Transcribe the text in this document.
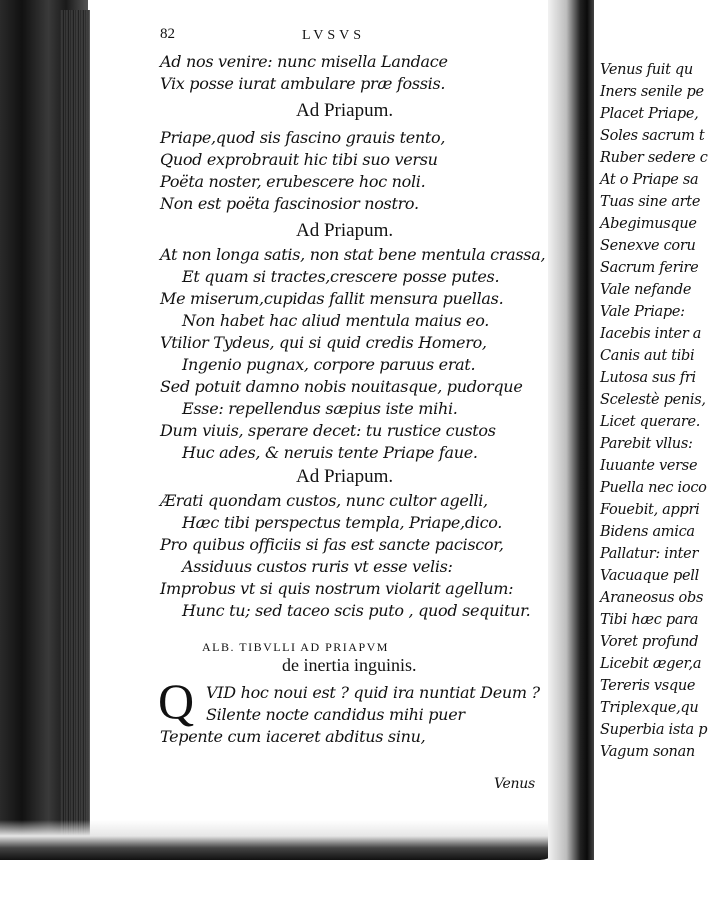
82	LVSVS
Ad nos venire: nunc misella Landace
Vix posse iurat ambulare præ fossis.
Ad Priapum.
Priape,quod sis fascino grauis tento,
Quod exprobrauit hic tibi suo versu
Poëta noster, erubescere hoc noli.
Non est poëta fascinosior nostro.
Ad Priapum.
At non longa satis, non stat bene mentula crassa,
Et quam si tractes,crescere posse putes.
Me miserum,cupidas fallit mensura puellas.
Non habet hac aliud mentula maius eo.
Vtilior Tydeus, qui si quid credis Homero,
Ingenio pugnax, corpore paruus erat.
Sed potuit damno nobis nouitasque, pudorque
Esse: repellendus sæpius iste mihi.
Dum viuis, sperare decet: tu rustice custos
Huc ades, & neruis tente Priape faue.
Ad Priapum.
Ærati quondam custos, nunc cultor agelli,
Hæc tibi perspectus templa, Priape,dico.
Pro quibus officiis si fas est sancte paciscor,
Assiduus custos ruris vt esse velis:
Improbus vt si quis nostrum violarit agellum:
Hunc tu; sed taceo scis puto , quod sequitur.
ALB. TIBVLLI AD PRIAPVM
de inertia inguinis.
Q VID hoc noui est ? quid ira nuntiat Deum ?
Silente nocte candidus mihi puer
Tepente cum iaceret abditus sinu,
Venus
Venus fuit qu
Iners senile pe
Placet Priape,
Soles sacrum t
Ruber sedere c
At o Priape sa
Tuas sine arte
Abegimusque
Senexve coru
Sacrum ferire
Vale nefande
Vale Priape:
Iacebis inter a
Canis aut tibi
Lutosa sus fri
Scelestè penis,
Licet querare.
Parebit vllus:
Iuuante verse
Puella nec ioco
Fouebit, appri
Bidens amica
Pallatur: inter
Vacuaque pell
Araneosus obs
Tibi hæc para
Voret profund
Licebit æger,a
Tereris vsque
Triplexque,qu
Superbia ista p
Vagum sonan
